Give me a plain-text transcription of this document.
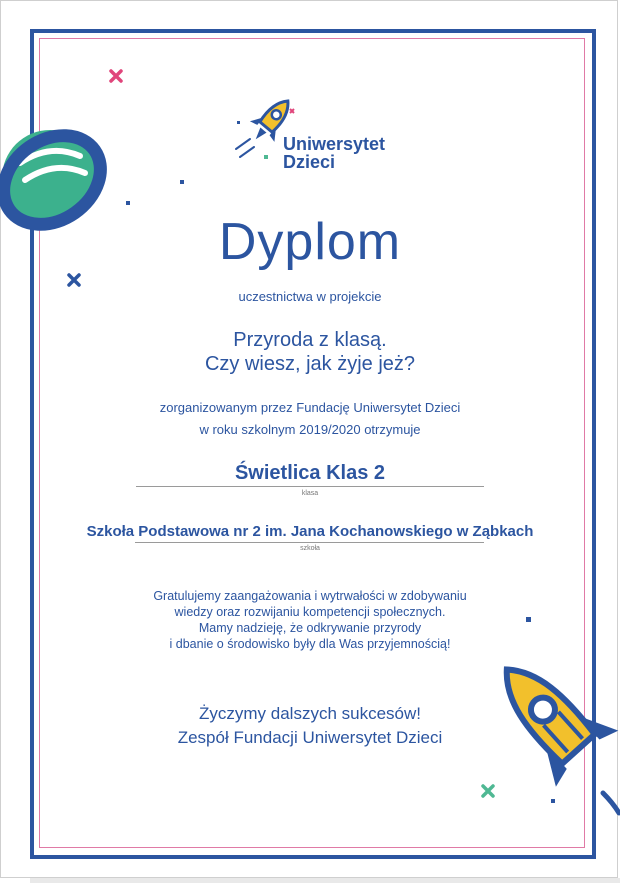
Uniwersytet
Dzieci
Dyplom
uczestnictwa w projekcie
Przyroda z klasą.
Czy wiesz, jak żyje jeż?
zorganizowanym przez Fundację Uniwersytet Dzieci
w roku szkolnym 2019/2020 otrzymuje
Świetlica Klas 2
klasa
Szkoła Podstawowa nr 2 im. Jana Kochanowskiego w Ząbkach
szkoła
Gratulujemy zaangażowania i wytrwałości w zdobywaniu
wiedzy oraz rozwijaniu kompetencji społecznych.
Mamy nadzieję, że odkrywanie przyrody
i dbanie o środowisko były dla Was przyjemnością!
Życzymy dalszych sukcesów!
Zespół Fundacji Uniwersytet Dzieci
